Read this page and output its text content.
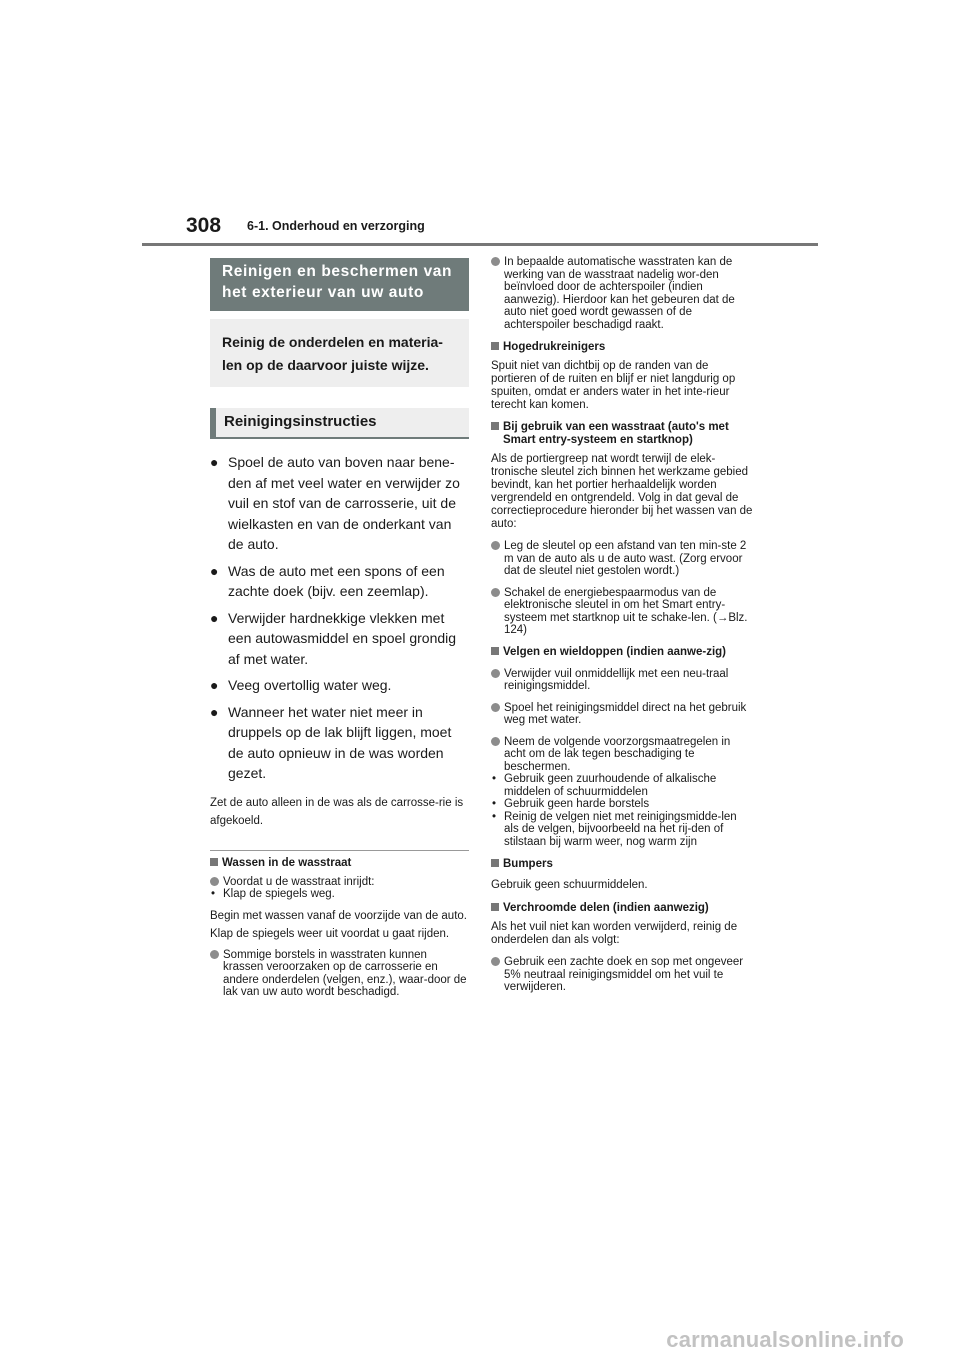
308 6-1. Onderhoud en verzorging
Reinigen en beschermen van het exterieur van uw auto
Reinig de onderdelen en materia-len op de daarvoor juiste wijze.
Reinigingsinstructies
● Spoel de auto van boven naar bene-den af met veel water en verwijder zo vuil en stof van de carrosserie, uit de wielkasten en van de onderkant van de auto.
● Was de auto met een spons of een zachte doek (bijv. een zeemlap).
● Verwijder hardnekkige vlekken met een autowasmiddel en spoel grondig af met water.
● Veeg overtollig water weg.
● Wanneer het water niet meer in druppels op de lak blijft liggen, moet de auto opnieuw in de was worden gezet.
Zet de auto alleen in de was als de carrosse-rie is afgekoeld.
Wassen in de wasstraat
Voordat u de wasstraat inrijdt:
• Klap de spiegels weg.
Begin met wassen vanaf de voorzijde van de auto. Klap de spiegels weer uit voordat u gaat rijden.
Sommige borstels in wasstraten kunnen krassen veroorzaken op de carrosserie en andere onderdelen (velgen, enz.), waar-door de lak van uw auto wordt beschadigd.
In bepaalde automatische wasstraten kan de werking van de wasstraat nadelig wor-den beïnvloed door de achterspoiler (indien aanwezig). Hierdoor kan het gebeuren dat de auto niet goed wordt gewassen of de achterspoiler beschadigd raakt.
Hogedrukreinigers
Spuit niet van dichtbij op de randen van de portieren of de ruiten en blijf er niet langdurig op spuiten, omdat er anders water in het inte-rieur terecht kan komen.
Bij gebruik van een wasstraat (auto's met Smart entry-systeem en startknop)
Als de portiergreep nat wordt terwijl de elek-tronische sleutel zich binnen het werkzame gebied bevindt, kan het portier herhaaldelijk worden vergrendeld en ontgrendeld. Volg in dat geval de correctieprocedure hieronder bij het wassen van de auto:
Leg de sleutel op een afstand van ten min-ste 2 m van de auto als u de auto wast. (Zorg ervoor dat de sleutel niet gestolen wordt.)
Schakel de energiebespaarmodus van de elektronische sleutel in om het Smart entry-systeem met startknop uit te schake-len. (→Blz. 124)
Velgen en wieldoppen (indien aanwe-zig)
Verwijder vuil onmiddellijk met een neu-traal reinigingsmiddel.
Spoel het reinigingsmiddel direct na het gebruik weg met water.
Neem de volgende voorzorgsmaatregelen in acht om de lak tegen beschadiging te beschermen.
• Gebruik geen zuurhoudende of alkalische middelen of schuurmiddelen
• Gebruik geen harde borstels
• Reinig de velgen niet met reinigingsmidde-len als de velgen, bijvoorbeeld na het rij-den of stilstaan bij warm weer, nog warm zijn
Bumpers
Gebruik geen schuurmiddelen.
Verchroomde delen (indien aanwezig)
Als het vuil niet kan worden verwijderd, reinig de onderdelen dan als volgt:
Gebruik een zachte doek en sop met ongeveer 5% neutraal reinigingsmiddel om het vuil te verwijderen.
carmanualsonline.info
